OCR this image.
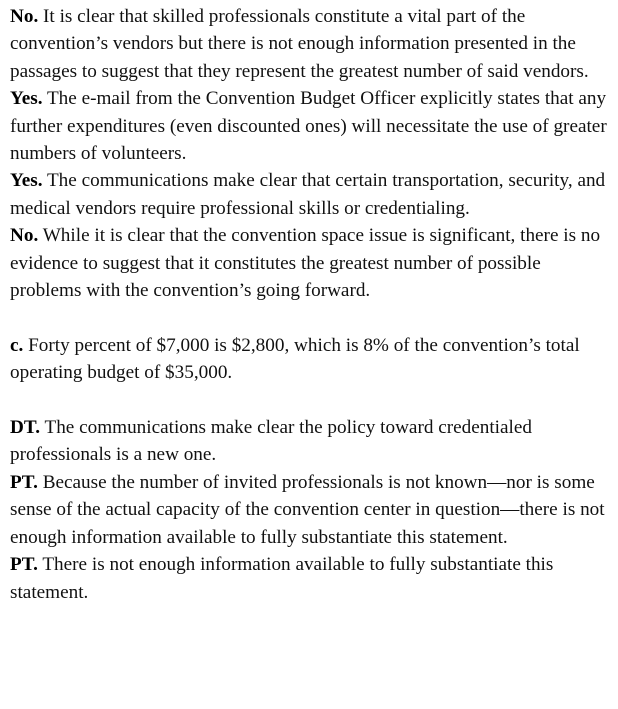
No. It is clear that skilled professionals constitute a vital part of the convention’s vendors but there is not enough information presented in the passages to suggest that they represent the greatest number of said vendors.

Yes. The e-mail from the Convention Budget Officer explicitly states that any further expenditures (even discounted ones) will necessitate the use of greater numbers of volunteers.

Yes. The communications make clear that certain transportation, security, and medical vendors require professional skills or credentialing.

No. While it is clear that the convention space issue is significant, there is no evidence to suggest that it constitutes the greatest number of possible problems with the convention’s going forward.

c. Forty percent of $7,000 is $2,800, which is 8% of the convention’s total operating budget of $35,000.

DT. The communications make clear the policy toward credentialed professionals is a new one.

PT. Because the number of invited professionals is not known—nor is some sense of the actual capacity of the convention center in question—there is not enough information available to fully substantiate this statement.

PT. There is not enough information available to fully substantiate this statement.
